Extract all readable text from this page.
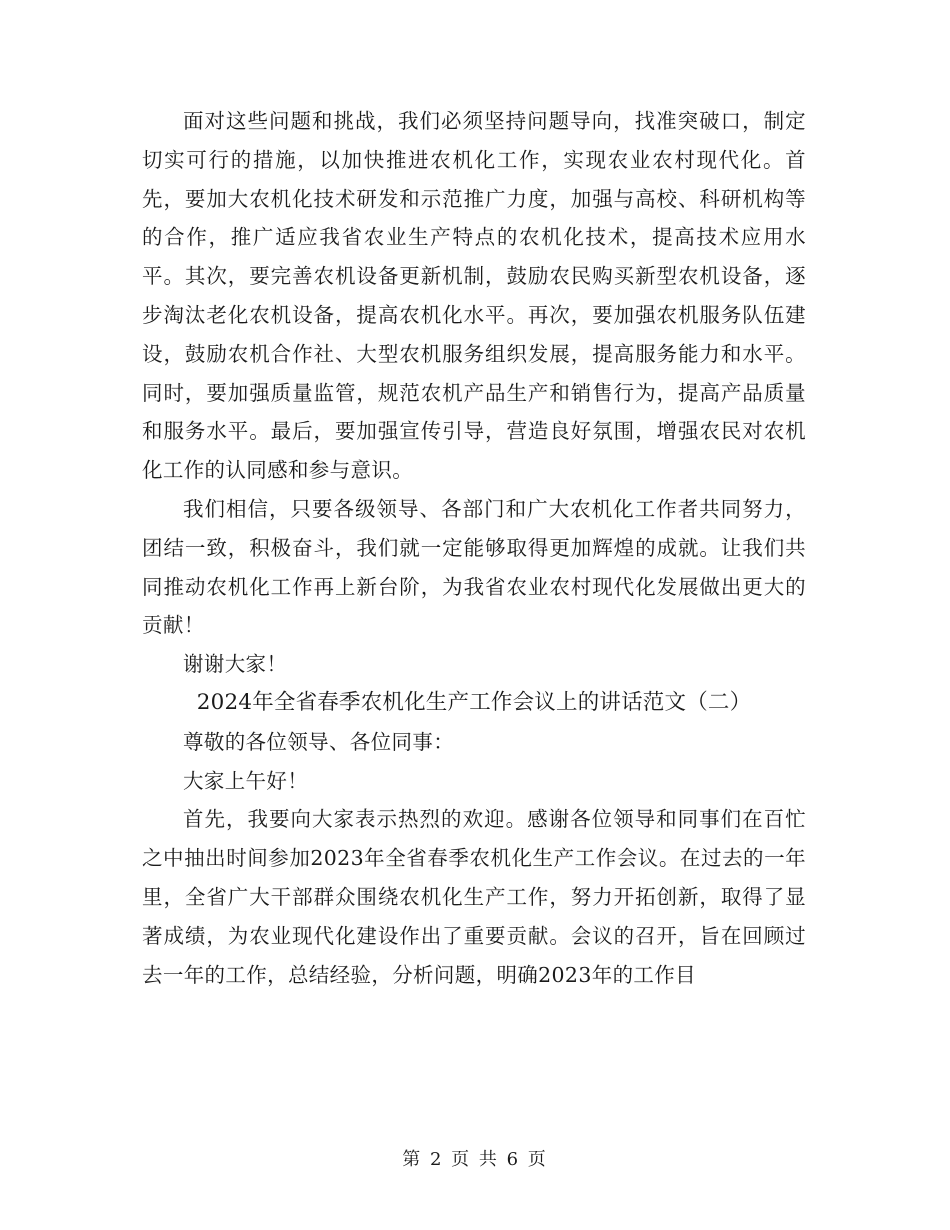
面对这些问题和挑战，我们必须坚持问题导向，找准突破口，制定切实可行的措施，以加快推进农机化工作，实现农业农村现代化。首先，要加大农机化技术研发和示范推广力度，加强与高校、科研机构等的合作，推广适应我省农业生产特点的农机化技术，提高技术应用水平。其次，要完善农机设备更新机制，鼓励农民购买新型农机设备，逐步淘汰老化农机设备，提高农机化水平。再次，要加强农机服务队伍建设，鼓励农机合作社、大型农机服务组织发展，提高服务能力和水平。同时，要加强质量监管，规范农机产品生产和销售行为，提高产品质量和服务水平。最后，要加强宣传引导，营造良好氛围，增强农民对农机化工作的认同感和参与意识。

我们相信，只要各级领导、各部门和广大农机化工作者共同努力，团结一致，积极奋斗，我们就一定能够取得更加辉煌的成就。让我们共同推动农机化工作再上新台阶，为我省农业农村现代化发展做出更大的贡献！

谢谢大家！

2024年全省春季农机化生产工作会议上的讲话范文（二）

尊敬的各位领导、各位同事：

大家上午好！

首先，我要向大家表示热烈的欢迎。感谢各位领导和同事们在百忙之中抽出时间参加2023年全省春季农机化生产工作会议。在过去的一年里，全省广大干部群众围绕农机化生产工作，努力开拓创新，取得了显著成绩，为农业现代化建设作出了重要贡献。会议的召开，旨在回顾过去一年的工作，总结经验，分析问题，明确2023年的工作目

第 2 页 共 6 页
